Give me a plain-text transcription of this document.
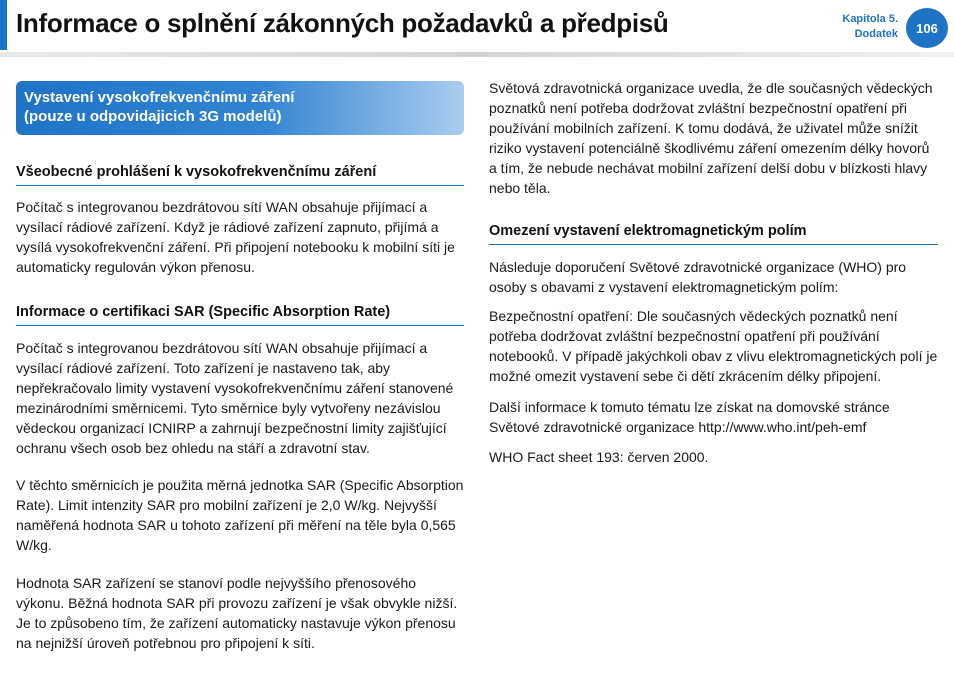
Informace o splnění zákonných požadavků a předpisů	Kapitola 5.
Dodatek	106
Vystavení vysokofrekvenčnímu záření
(pouze u odpovidajicich 3G modelů)
Všeobecné prohlášení k vysokofrekvenčnímu záření

Počítač s integrovanou bezdrátovou sítí WAN obsahuje přijímací a vysílací rádiové zařízení. Když je rádiové zařízení zapnuto, přijímá a vysílá vysokofrekvenční záření. Při připojení notebooku k mobilní síti je automaticky regulován výkon přenosu.

Informace o certifikaci SAR (Specific Absorption Rate)

Počítač s integrovanou bezdrátovou sítí WAN obsahuje přijímací a vysílací rádiové zařízení. Toto zařízení je nastaveno tak, aby nepřekračovalo limity vystavení vysokofrekvenčnímu záření stanovené mezinárodními směrnicemi. Tyto směrnice byly vytvořeny nezávislou vědeckou organizací ICNIRP a zahrnují bezpečnostní limity zajišťující ochranu všech osob bez ohledu na stáří a zdravotní stav.

V těchto směrnicích je použita měrná jednotka SAR (Specific Absorption Rate). Limit intenzity SAR pro mobilní zařízení je 2,0 W/kg. Nejvyšší naměřená hodnota SAR u tohoto zařízení při měření na těle byla 0,565 W/kg.

Hodnota SAR zařízení se stanoví podle nejvyššího přenosového výkonu. Běžná hodnota SAR při provozu zařízení je však obvykle nižší. Je to způsobeno tím, že zařízení automaticky nastavuje výkon přenosu na nejnižší úroveň potřebnou pro připojení k síti.

Světová zdravotnická organizace uvedla, že dle současných vědeckých poznatků není potřeba dodržovat zvláštní bezpečnostní opatření při používání mobilních zařízení. K tomu dodává, že uživatel může snížit riziko vystavení potenciálně škodlivému záření omezením délky hovorů a tím, že nebude nechávat mobilní zařízení delší dobu v blízkosti hlavy nebo těla.

Omezení vystavení elektromagnetickým polím

Následuje doporučení Světové zdravotnické organizace (WHO) pro osoby s obavami z vystavení elektromagnetickým polím:

Bezpečnostní opatření: Dle současných vědeckých poznatků není potřeba dodržovat zvláštní bezpečnostní opatření při používání notebooků. V případě jakýchkoli obav z vlivu elektromagnetických polí je možné omezit vystavení sebe či dětí zkrácením délky připojení.

Další informace k tomuto tématu lze získat na domovské stránce Světové zdravotnické organizace http://www.who.int/peh-emf

WHO Fact sheet 193: červen 2000.
